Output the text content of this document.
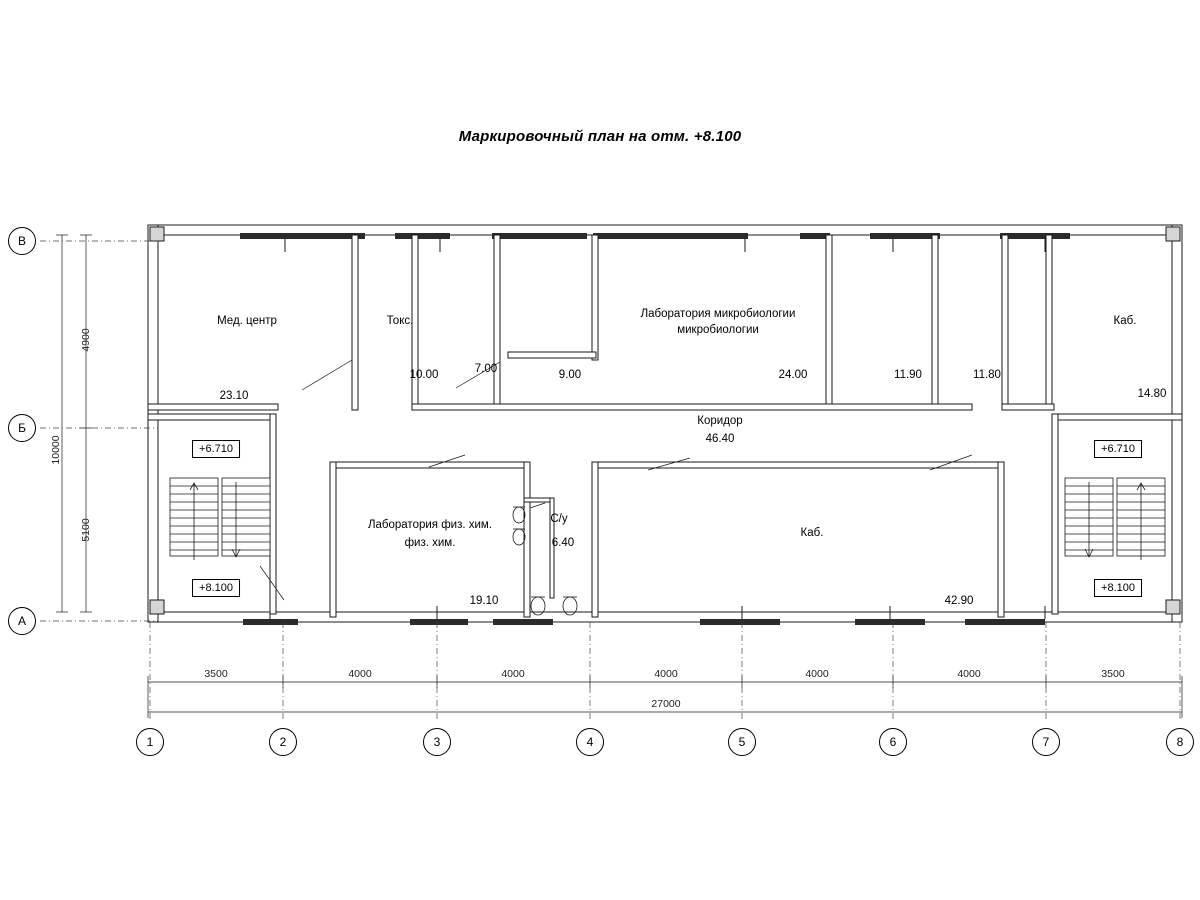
Маркировочный план на отм. +8.100
1	2	3	4	5	6	7	8
В
Б
А
3500	4000	4000	4000	4000	4000	3500
27000
4900
5100
10000
Мед. центр	Токс.
Лаборатория микробиологии
микробиологии
Каб.
Коридор
Лаборатория физ. хим.
физ. хим.
С/у
Каб.
23.10
10.00	7.00	9.00	24.00	11.90	11.80
14.80
46.40
19.10
6.40
42.90
+6.710
+8.100
+6.710
+8.100
